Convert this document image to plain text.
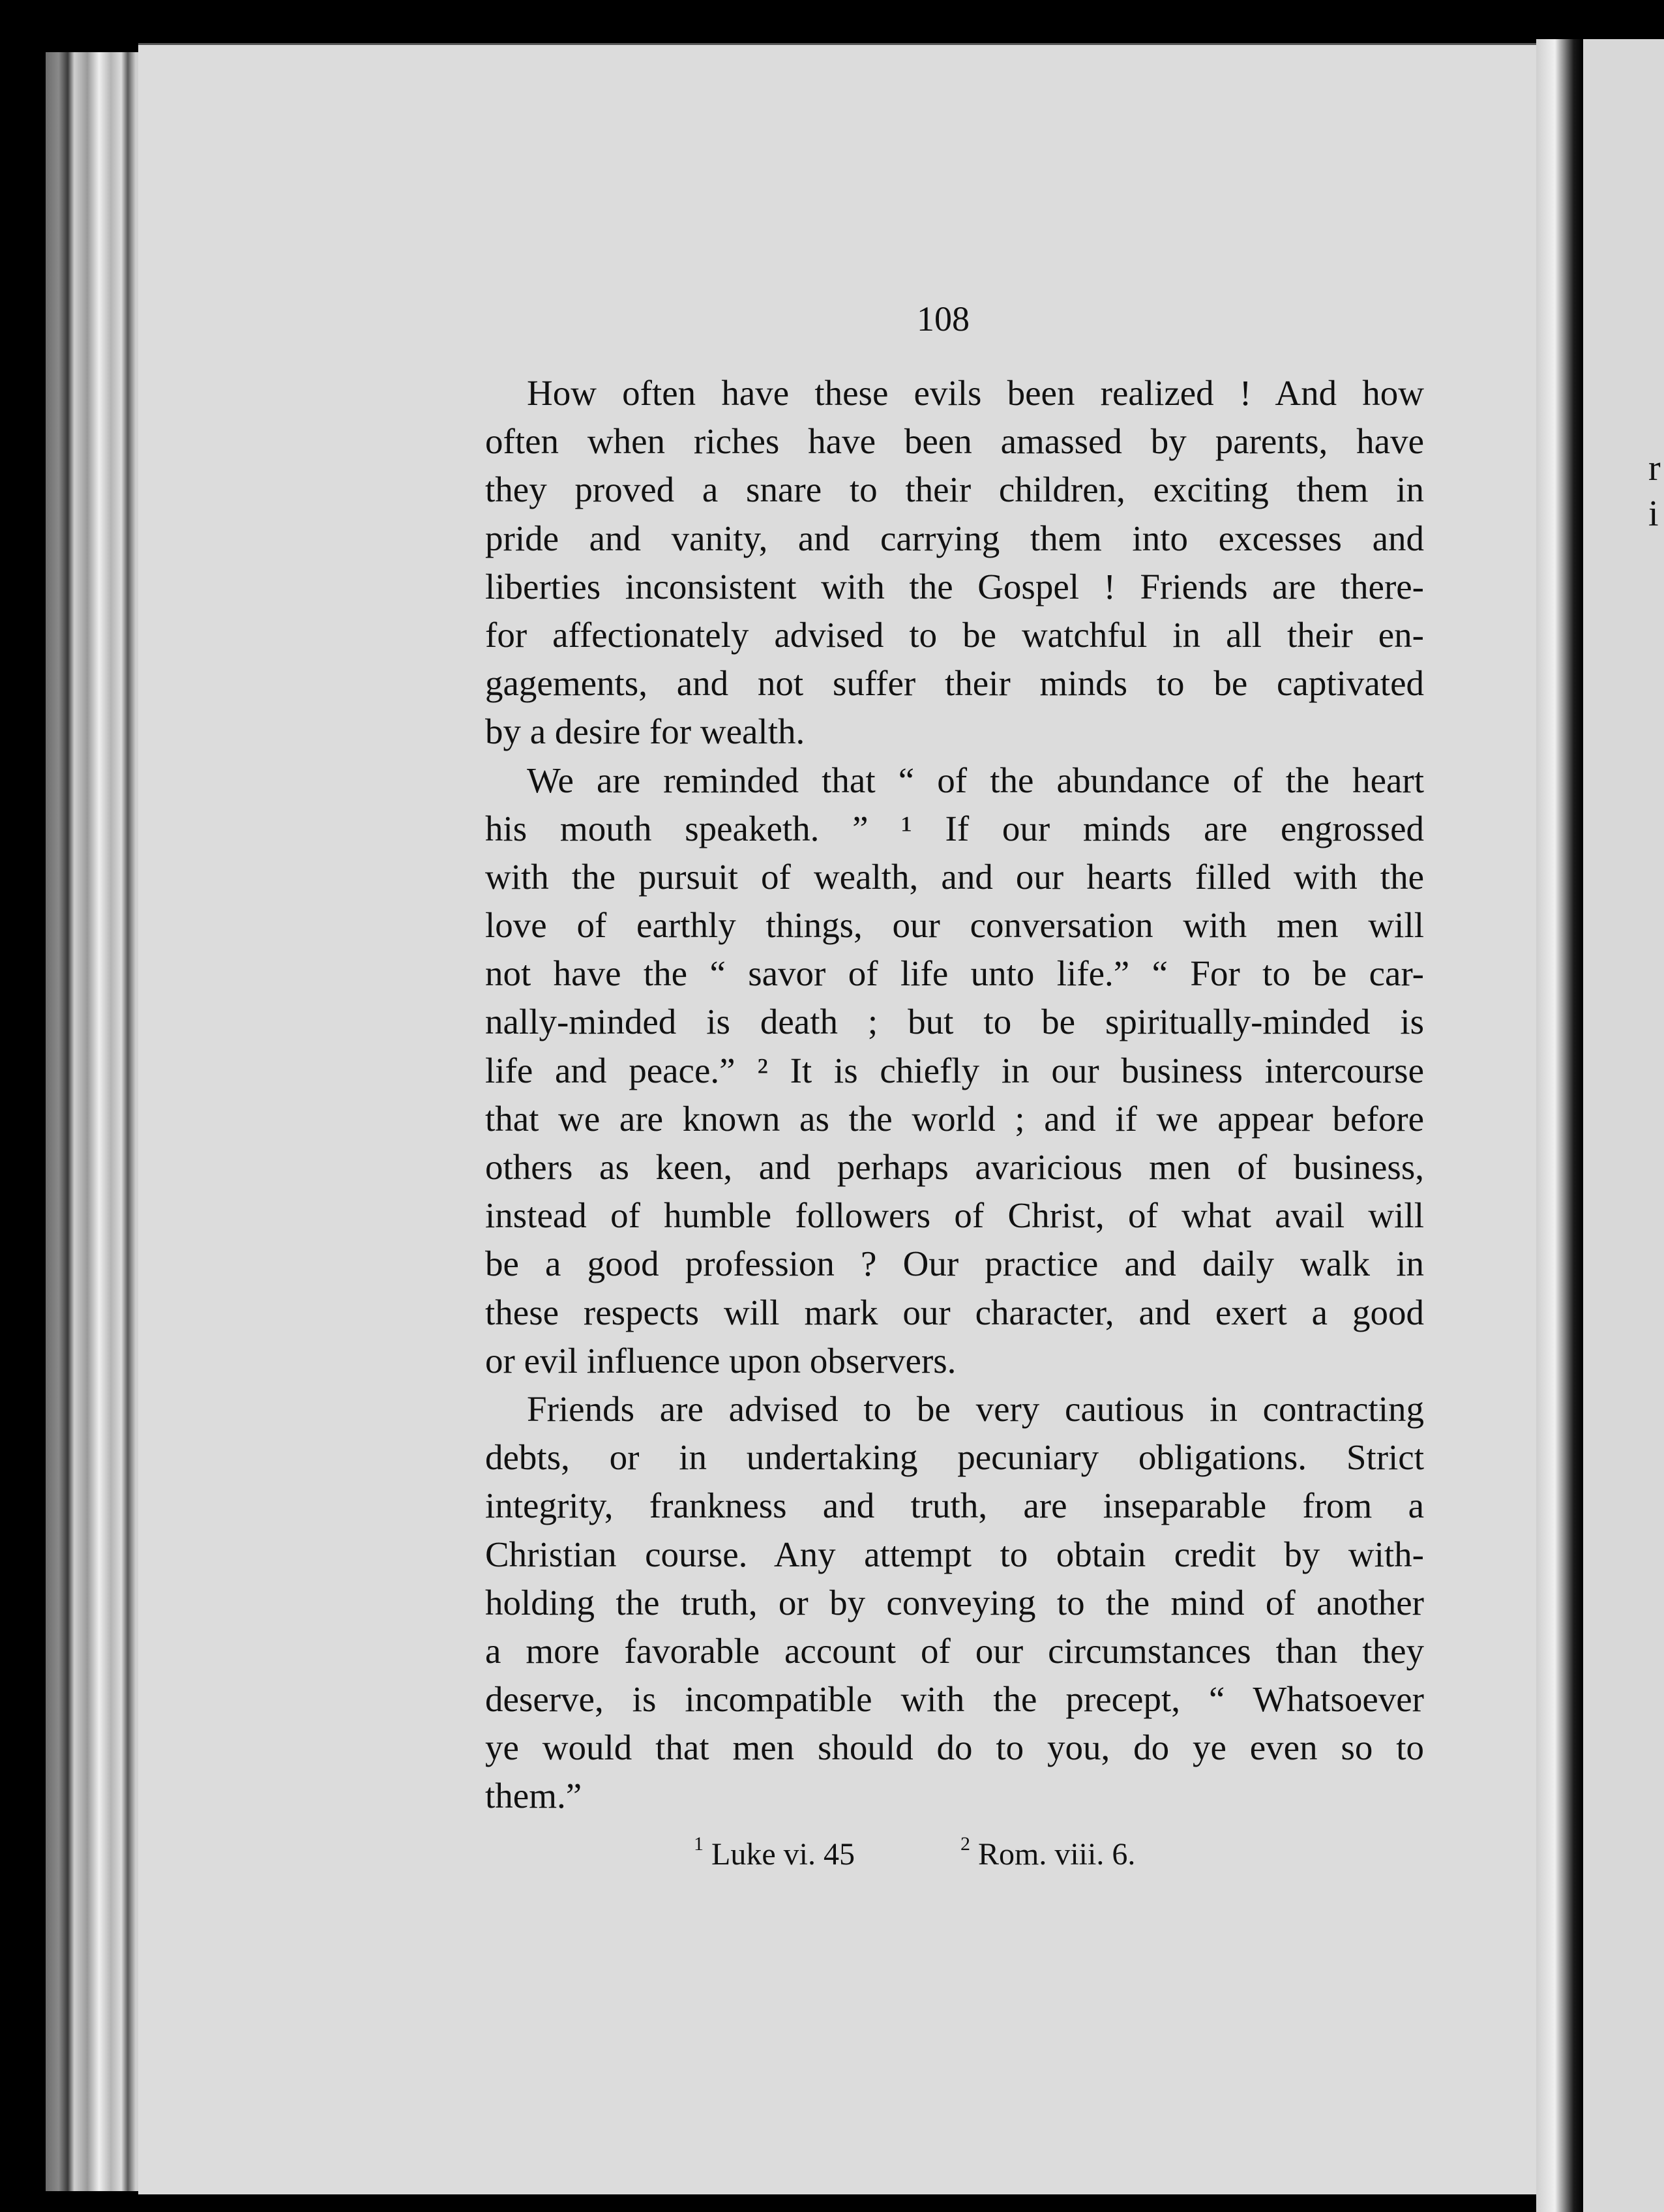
r
i
108
How often have these evils been realized ! And how
often when riches have been amassed by parents, have
they proved a snare to their children, exciting them in
pride and vanity, and carrying them into excesses and
liberties inconsistent with the Gospel ! Friends are there-
for affectionately advised to be watchful in all their en-
gagements, and not suffer their minds to be captivated
by a desire for wealth.
We are reminded that “ of the abundance of the heart
his mouth speaketh. ” ¹ If our minds are engrossed
with the pursuit of wealth, and our hearts filled with the
love of earthly things, our conversation with men will
not have the “ savor of life unto life.” “ For to be car-
nally-minded is death ; but to be spiritually-minded is
life and peace.” ² It is chiefly in our business intercourse
that we are known as the world ; and if we appear before
others as keen, and perhaps avaricious men of business,
instead of humble followers of Christ, of what avail will
be a good profession ? Our practice and daily walk in
these respects will mark our character, and exert a good
or evil influence upon observers.
Friends are advised to be very cautious in contracting
debts, or in undertaking pecuniary obligations. Strict
integrity, frankness and truth, are inseparable from a
Christian course. Any attempt to obtain credit by with-
holding the truth, or by conveying to the mind of another
a more favorable account of our circumstances than they
deserve, is incompatible with the precept, “ Whatsoever
ye would that men should do to you, do ye even so to
them.”
$^1$ Luke vi. 45	$^2$ Rom. viii. 6.
